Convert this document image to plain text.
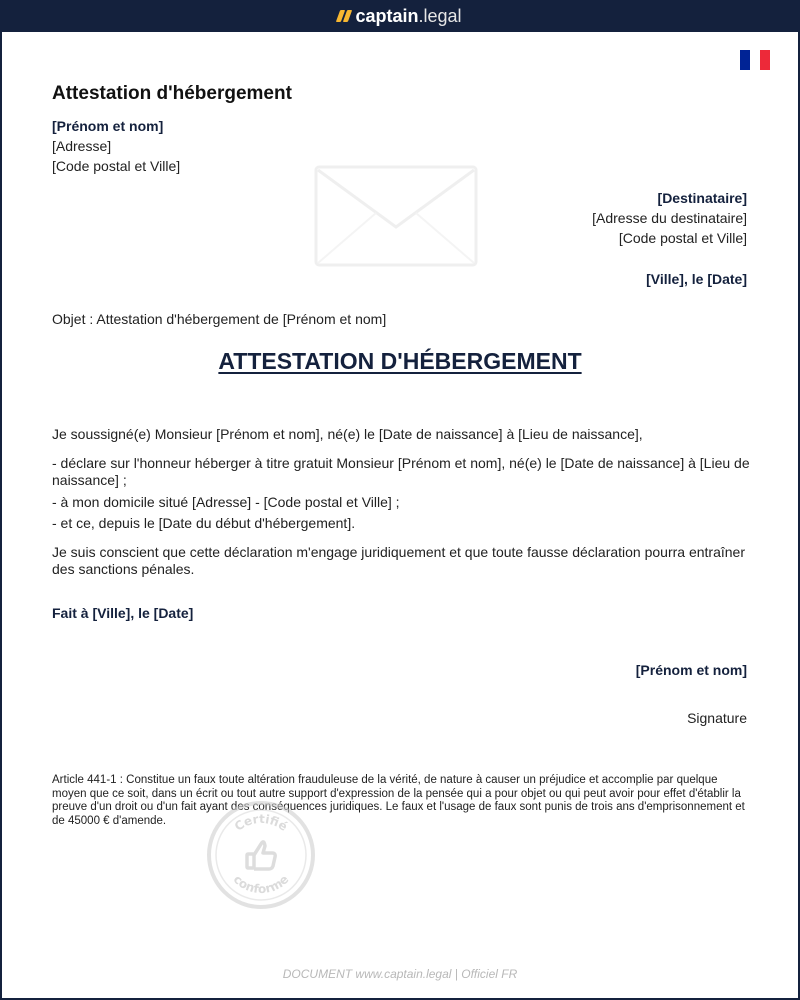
captain .legal
Attestation d'hébergement
[Prénom et nom]
[Adresse]
[Code postal et Ville]
[Destinataire]
[Adresse du destinataire]
[Code postal et Ville]
[Ville], le [Date]
Objet : Attestation d'hébergement de [Prénom et nom]
ATTESTATION D'HÉBERGEMENT

Je soussigné(e) Monsieur [Prénom et nom], né(e) le [Date de naissance] à [Lieu de naissance],

- déclare sur l'honneur héberger à titre gratuit Monsieur [Prénom et nom], né(e) le [Date de naissance] à [Lieu de naissance] ;

- à mon domicile situé [Adresse] - [Code postal et Ville] ;

- et ce, depuis le [Date du début d'hébergement].

Je suis conscient que cette déclaration m'engage juridiquement et que toute fausse déclaration pourra entraîner des sanctions pénales.

Fait à [Ville], le [Date]
[Prénom et nom]
Signature
Article 441-1 : Constitue un faux toute altération frauduleuse de la vérité, de nature à causer un préjudice et accomplie par quelque moyen que ce soit, dans un écrit ou tout autre support d'expression de la pensée qui a pour objet ou qui peut avoir pour effet d'établir la preuve d'un droit ou d'un fait ayant des conséquences juridiques. Le faux et l'usage de faux sont punis de trois ans d'emprisonnement et de 45000 € d'amende.	Certifié
conforme
DOCUMENT www.captain.legal | Officiel FR
